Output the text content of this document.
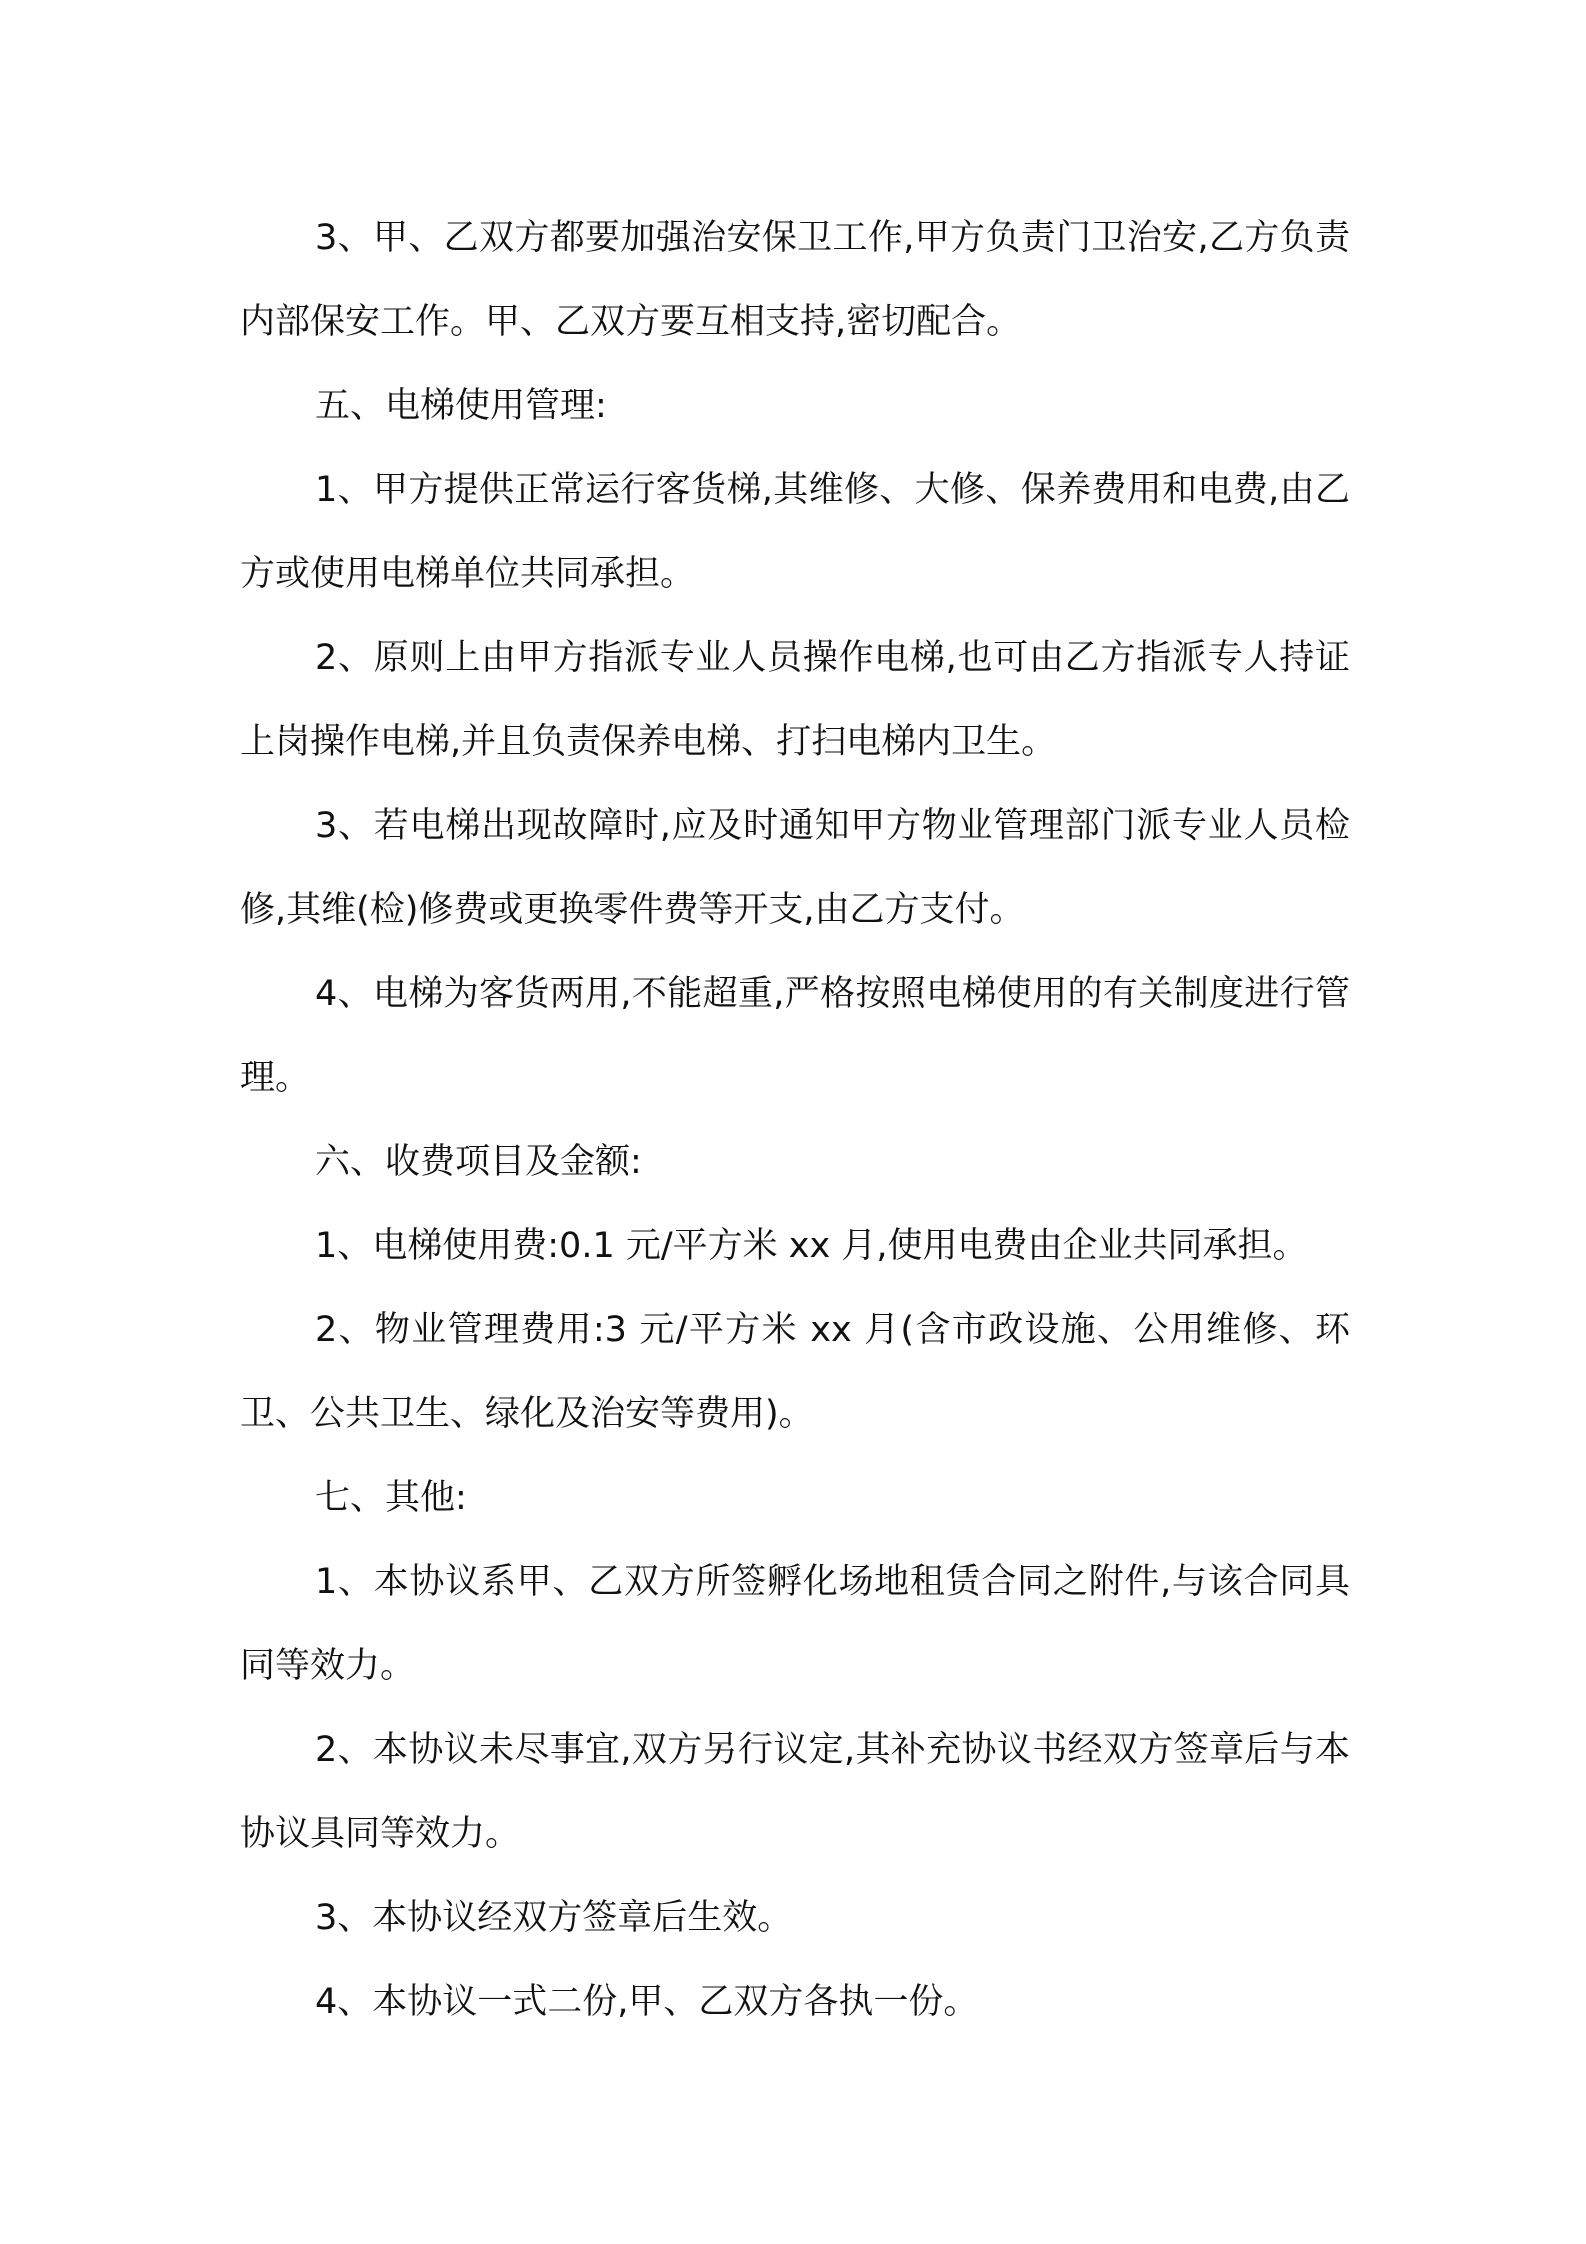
3、甲、乙双方都要加强治安保卫工作,甲方负责门卫治安,乙方负责内部保安工作。甲、乙双方要互相支持,密切配合。

五、电梯使用管理:

1、甲方提供正常运行客货梯,其维修、大修、保养费用和电费,由乙方或使用电梯单位共同承担。

2、原则上由甲方指派专业人员操作电梯,也可由乙方指派专人持证上岗操作电梯,并且负责保养电梯、打扫电梯内卫生。

3、若电梯出现故障时,应及时通知甲方物业管理部门派专业人员检修,其维(检)修费或更换零件费等开支,由乙方支付。

4、电梯为客货两用,不能超重,严格按照电梯使用的有关制度进行管理。

六、收费项目及金额:

1、电梯使用费:0.1 元/平方米 xx 月,使用电费由企业共同承担。

2、物业管理费用:3 元/平方米 xx 月(含市政设施、公用维修、环卫、公共卫生、绿化及治安等费用)。

七、其他:

1、本协议系甲、乙双方所签孵化场地租赁合同之附件,与该合同具同等效力。

2、本协议未尽事宜,双方另行议定,其补充协议书经双方签章后与本协议具同等效力。

3、本协议经双方签章后生效。

4、本协议一式二份,甲、乙双方各执一份。
